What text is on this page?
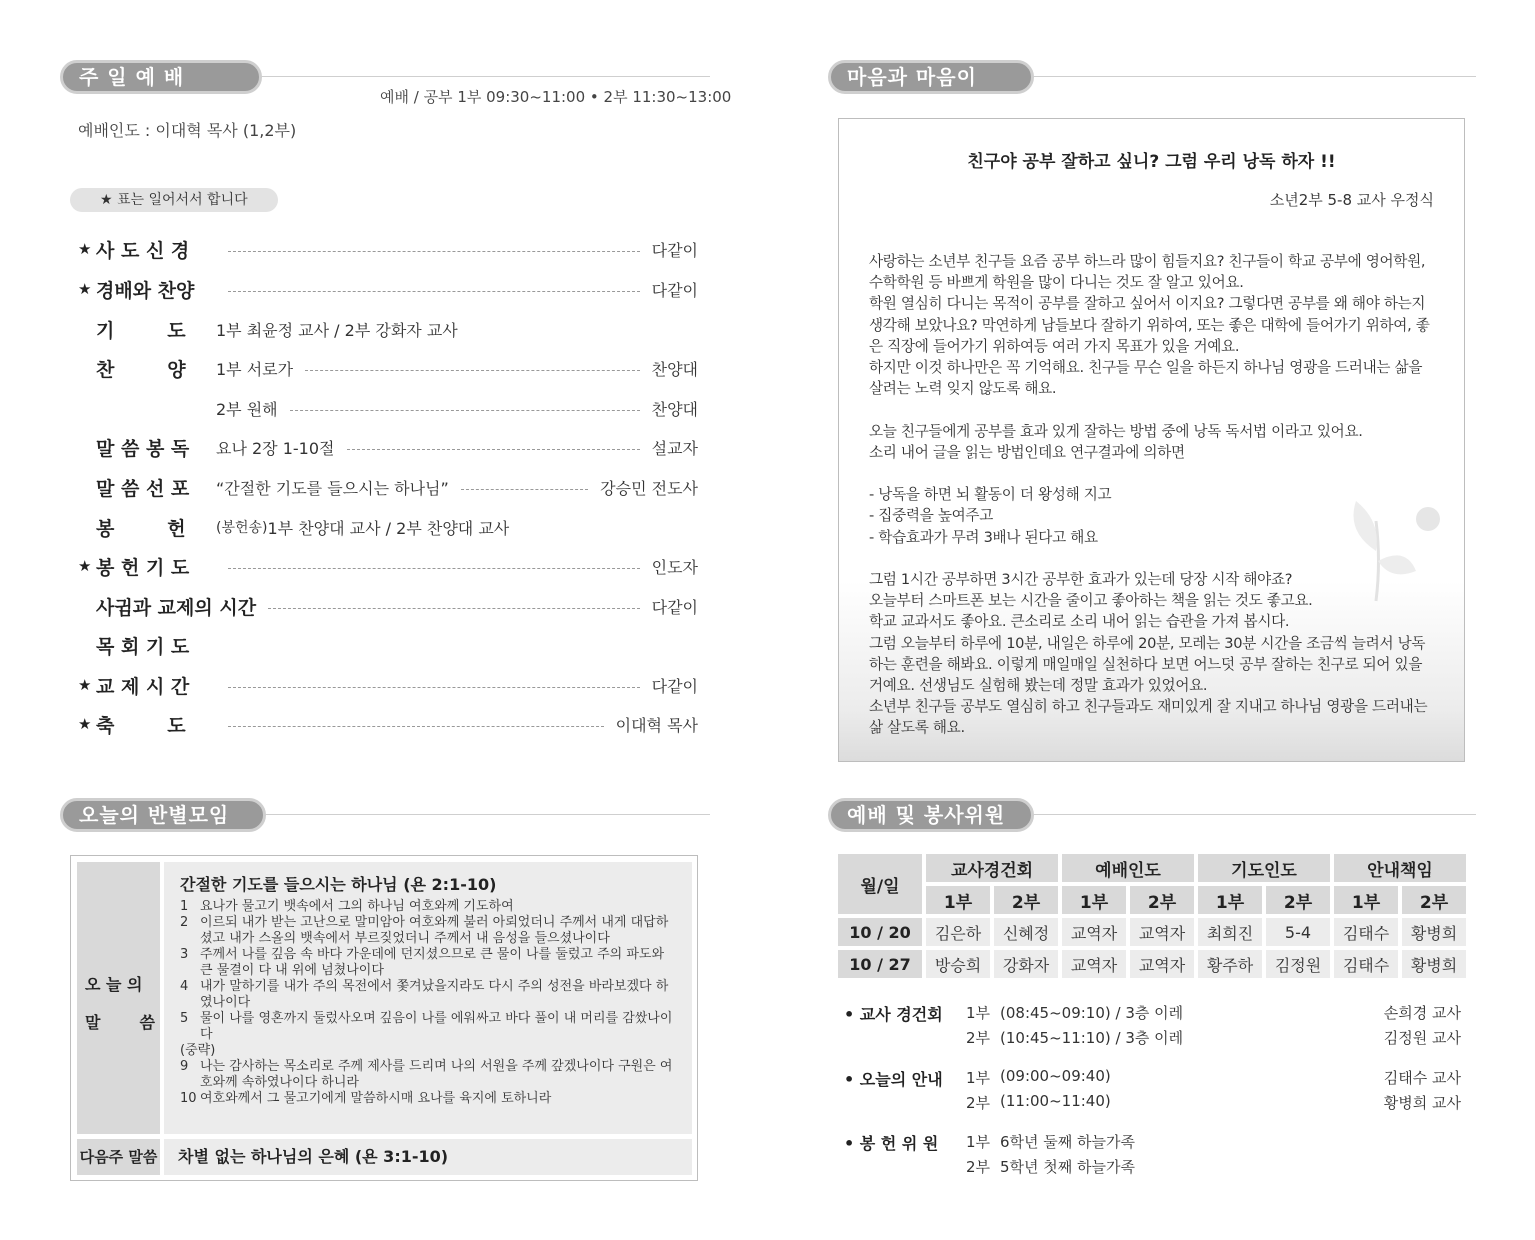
주 일 예 배
예배 / 공부 1부 09:30~11:00 • 2부 11:30~13:00
예배인도 : 이대혁 목사 (1,2부)
★ 표는 일어서서 합니다
★ 사 도 신 경	다같이
★ 경배와 찬양	다같이
기        도	1부 최윤정 교사 / 2부 강화자 교사
찬        양	1부 서로가	찬양대
2부 원해	찬양대
말 씀 봉 독	요나 2장 1-10절	설교자
말 씀 선 포	“간절한 기도를 들으시는 하나님”	강승민 전도사
봉        헌	(봉헌송) 1부 찬양대 교사 / 2부 찬양대 교사
★ 봉 헌 기 도	인도자
사귐과 교제의 시간	다같이
목 회 기 도
★ 교 제 시 간	다같이
★ 축        도	이대혁 목사
오늘의 반별모임
오 늘 의
말       씀
간절한 기도를 들으시는 하나님 (욘 2:1-10)
1 요나가 물고기 뱃속에서 그의 하나님 여호와께 기도하여
2 이르되 내가 받는 고난으로 말미암아 여호와께 불러 아뢰었더니 주께서 내게 대답하셨고 내가 스올의 뱃속에서 부르짖었더니 주께서 내 음성을 들으셨나이다
3 주께서 나를 깊음 속 바다 가운데에 던지셨으므로 큰 물이 나를 둘렀고 주의 파도와 큰 물결이 다 내 위에 넘쳤나이다
4 내가 말하기를 내가 주의 목전에서 쫓겨났을지라도 다시 주의 성전을 바라보겠다 하였나이다
5 물이 나를 영혼까지 둘렀사오며 깊음이 나를 에워싸고 바다 풀이 내 머리를 감쌌나이다
(중략)
9 나는 감사하는 목소리로 주께 제사를 드리며 나의 서원을 주께 갚겠나이다 구원은 여호와께 속하였나이다 하니라
10 여호와께서 그 물고기에게 말씀하시매 요나를 육지에 토하니라
다음주 말씀	차별 없는 하나님의 은혜 (욘 3:1-10)
마음과 마음이
친구야 공부 잘하고 싶니? 그럼 우리 낭독 하자 !!
소년2부 5-8 교사 우정식
사랑하는 소년부 친구들 요즘 공부 하느라 많이 힘들지요? 친구들이 학교 공부에 영어학원, 수학학원 등 바쁘게 학원을 많이 다니는 것도 잘 알고 있어요.
학원 열심히 다니는 목적이 공부를 잘하고 싶어서 이지요? 그렇다면 공부를 왜 해야 하는지 생각해 보았나요? 막연하게 남들보다 잘하기 위하여, 또는 좋은 대학에 들어가기 위하여, 좋은 직장에 들어가기 위하여등 여러 가지 목표가 있을 거예요.
하지만 이것 하나만은 꼭 기억해요. 친구들 무슨 일을 하든지 하나님 영광을 드러내는 삶을 살려는 노력 잊지 않도록 해요.

오늘 친구들에게 공부를 효과 있게 잘하는 방법 중에 낭독 독서법 이라고 있어요.
소리 내어 글을 읽는 방법인데요 연구결과에 의하면

- 낭독을 하면 뇌 활동이 더 왕성해 지고
- 집중력을 높여주고
- 학습효과가 무려 3배나 된다고 해요

그럼 1시간 공부하면 3시간 공부한 효과가 있는데 당장 시작 해야죠?
오늘부터 스마트폰 보는 시간을 줄이고 좋아하는 책을 읽는 것도 좋고요.
학교 교과서도 좋아요. 큰소리로 소리 내어 읽는 습관을 가져 봅시다.
그럼 오늘부터 하루에 10분, 내일은 하루에 20분, 모레는 30분 시간을 조금씩 늘려서 낭독하는 훈련을 해봐요. 이렇게 매일매일 실천하다 보면 어느덧 공부 잘하는 친구로 되어 있을 거예요. 선생님도 실험해 봤는데 정말 효과가 있었어요.
소년부 친구들 공부도 열심히 하고 친구들과도 재미있게 잘 지내고 하나님 영광을 드러내는 삶 살도록 해요.
예배 및 봉사위원
월/일	교사경건회		예배인도		기도인도		안내책임	
	1부	2부	1부	2부	1부	2부	1부	2부
10 / 20	김은하	신혜정	교역자	교역자	최희진	5-4	김태수	황병희
10 / 27	방승희	강화자	교역자	교역자	황주하	김정원	김태수	황병희
• 교사 경건회 1부 (08:45~09:10) / 3층 이레	손희경 교사
2부 (10:45~11:10) / 3층 이레	김정원 교사
• 오늘의 안내 1부 (09:00~09:40)	김태수 교사
2부 (11:00~11:40)	황병희 교사
• 봉 헌 위 원 1부 6학년 둘째 하늘가족
2부 5학년 첫째 하늘가족
